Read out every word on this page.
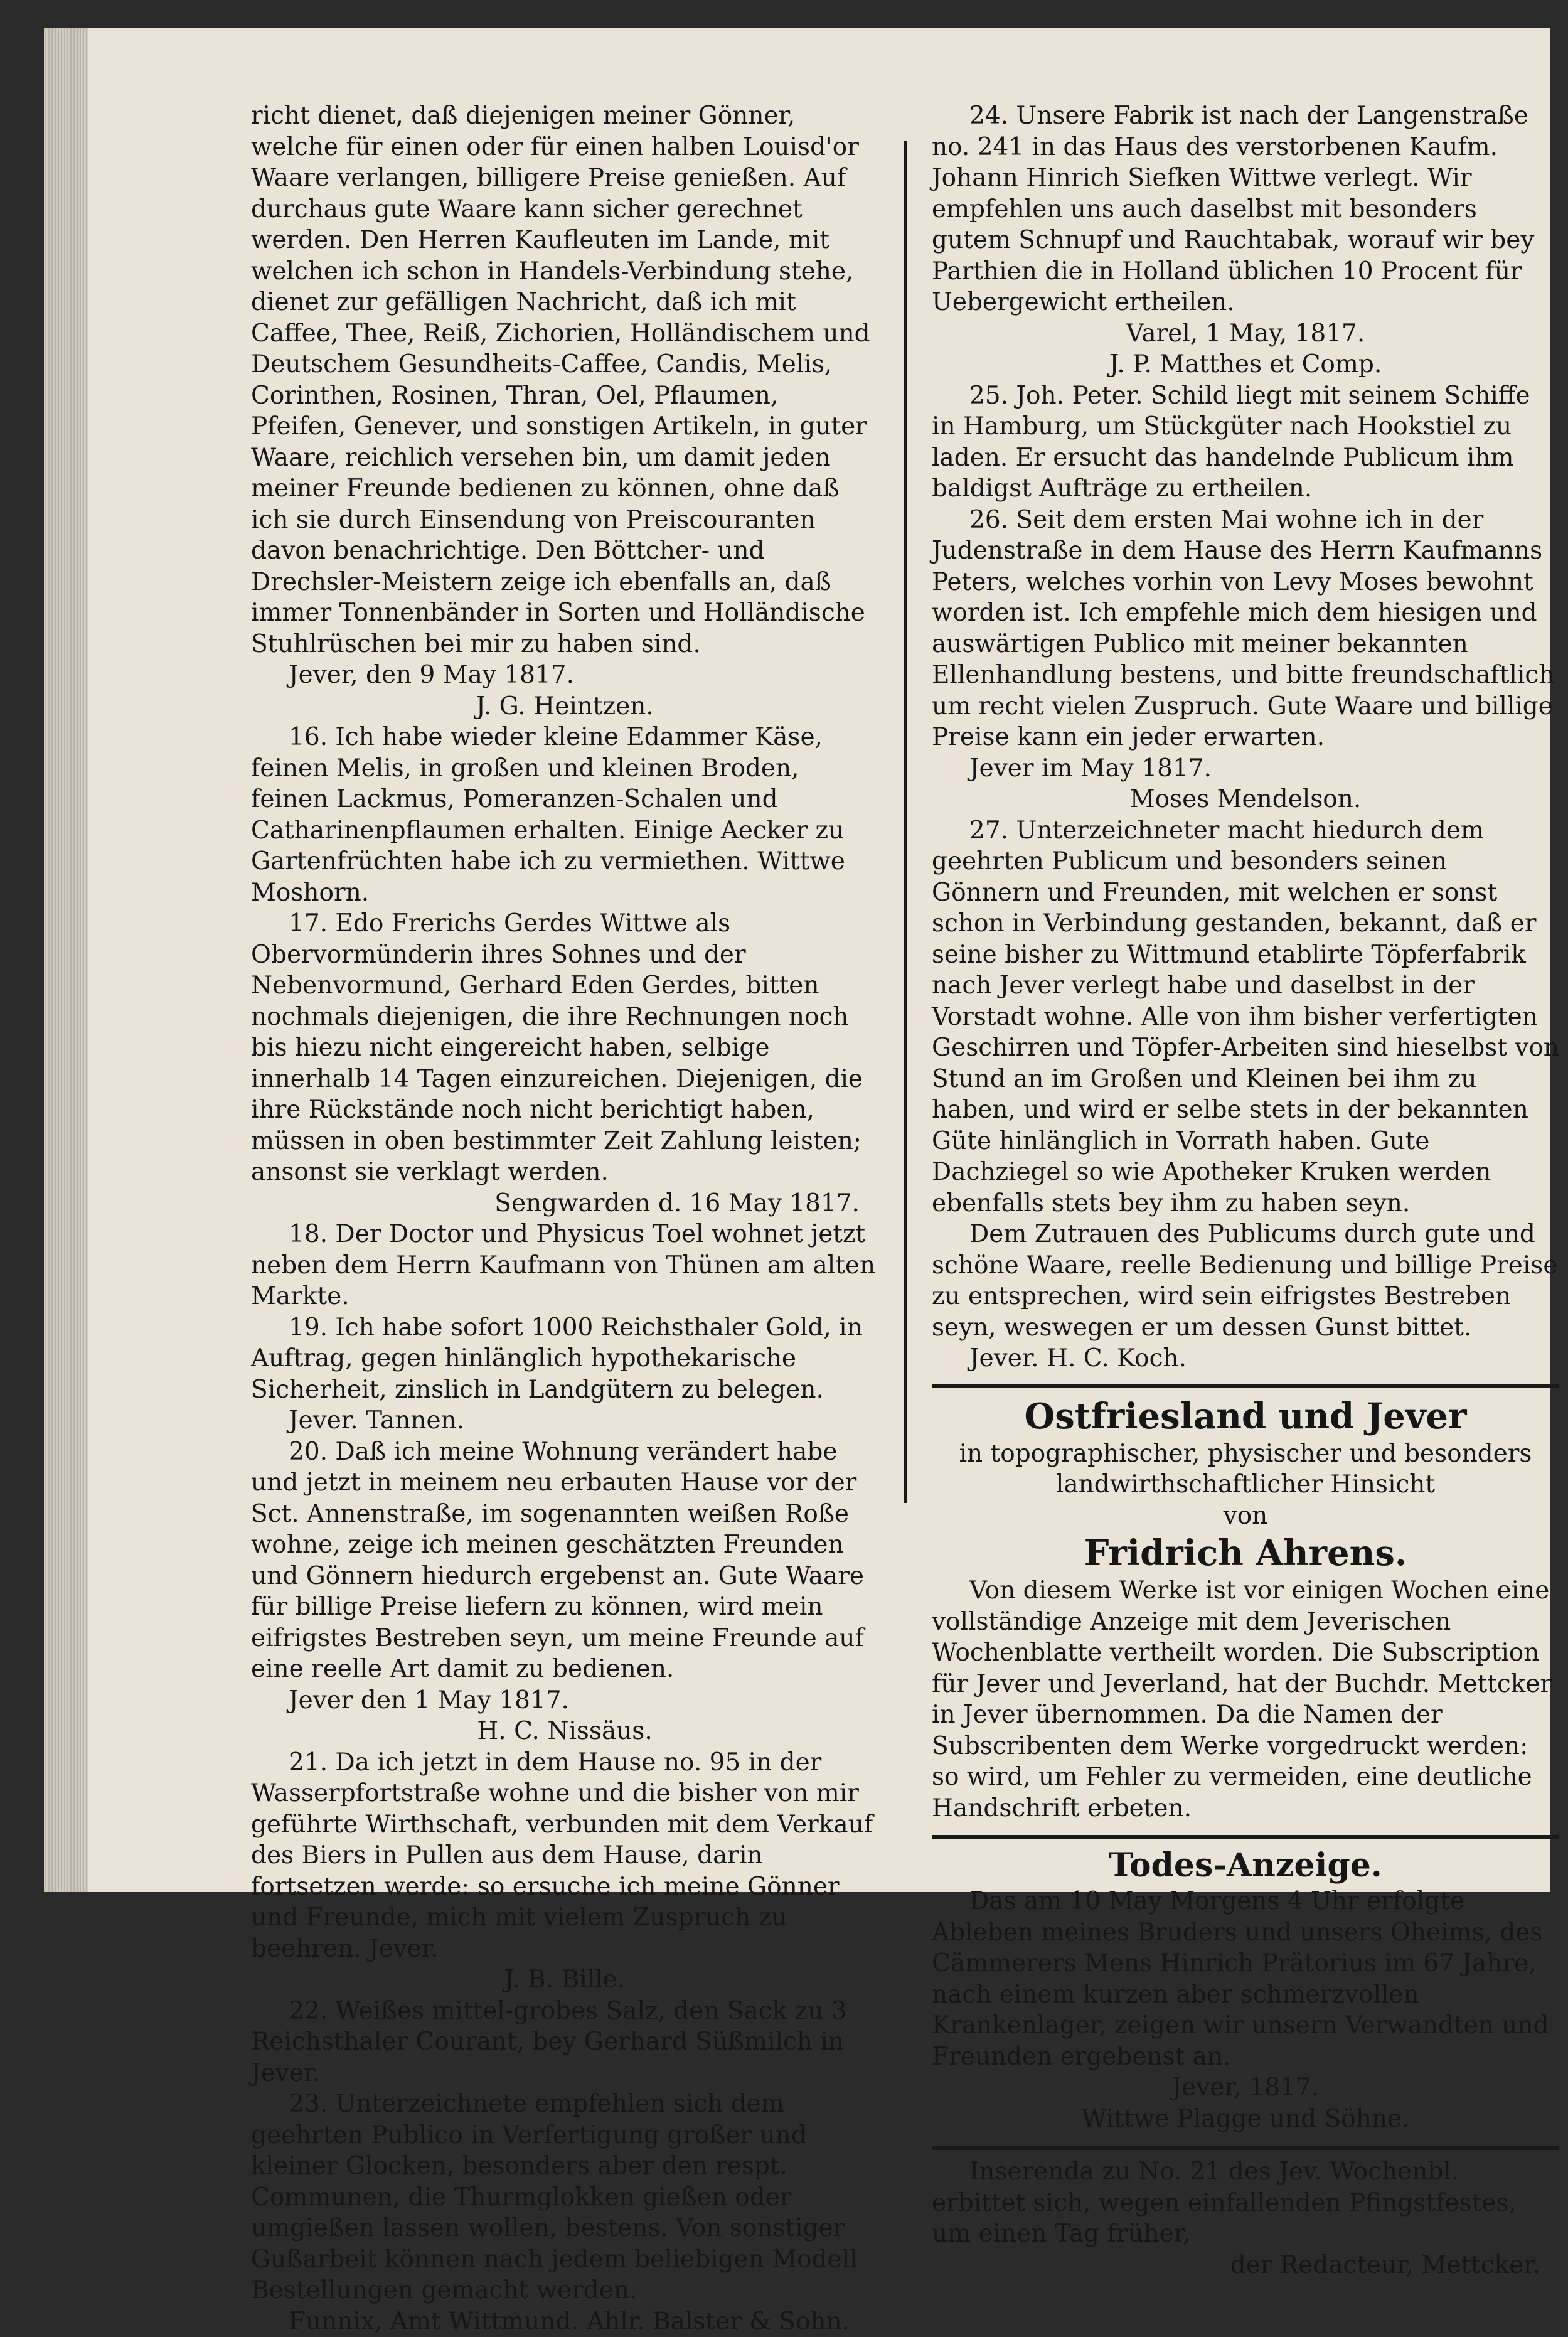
richt dienet, daß diejenigen meiner Gönner, welche für einen oder für einen halben Louisd'or Waare verlangen, billigere Preise genießen. Auf durchaus gute Waare kann sicher gerechnet werden. Den Herren Kaufleuten im Lande, mit welchen ich schon in Handels-Verbindung stehe, dienet zur gefälligen Nachricht, daß ich mit Caffee, Thee, Reiß, Zichorien, Holländischem und Deutschem Gesundheits-Caffee, Candis, Melis, Corinthen, Rosinen, Thran, Oel, Pflaumen, Pfeifen, Genever, und sonstigen Artikeln, in guter Waare, reichlich versehen bin, um damit jeden meiner Freunde bedienen zu können, ohne daß ich sie durch Einsendung von Preiscouranten davon benachrichtige. Den Böttcher- und Drechsler-Meistern zeige ich ebenfalls an, daß immer Tonnenbänder in Sorten und Holländische Stuhlrüschen bei mir zu haben sind.
Jever, den 9 May 1817.
J. G. Heintzen.
16. Ich habe wieder kleine Edammer Käse, feinen Melis, in großen und kleinen Broden, feinen Lackmus, Pomeranzen-Schalen und Catharinenpflaumen erhalten. Einige Aecker zu Gartenfrüchten habe ich zu vermiethen. Wittwe Moshorn.
17. Edo Frerichs Gerdes Wittwe als Obervormünderin ihres Sohnes und der Nebenvormund, Gerhard Eden Gerdes, bitten nochmals diejenigen, die ihre Rechnungen noch bis hiezu nicht eingereicht haben, selbige innerhalb 14 Tagen einzureichen. Diejenigen, die ihre Rückstände noch nicht berichtigt haben, müssen in oben bestimmter Zeit Zahlung leisten; ansonst sie verklagt werden.
Sengwarden d. 16 May 1817.
18. Der Doctor und Physicus Toel wohnet jetzt neben dem Herrn Kaufmann von Thünen am alten Markte.
19. Ich habe sofort 1000 Reichsthaler Gold, in Auftrag, gegen hinlänglich hypothekarische Sicherheit, zinslich in Landgütern zu belegen.
Jever. Tannen.
20. Daß ich meine Wohnung verändert habe und jetzt in meinem neu erbauten Hause vor der Sct. Annenstraße, im sogenannten weißen Roße wohne, zeige ich meinen geschätzten Freunden und Gönnern hiedurch ergebenst an. Gute Waare für billige Preise liefern zu können, wird mein eifrigstes Bestreben seyn, um meine Freunde auf eine reelle Art damit zu bedienen.
Jever den 1 May 1817.
H. C. Nissäus.
21. Da ich jetzt in dem Hause no. 95 in der Wasserpfortstraße wohne und die bisher von mir geführte Wirthschaft, verbunden mit dem Verkauf des Biers in Pullen aus dem Hause, darin fortsetzen werde: so ersuche ich meine Gönner und Freunde, mich mit vielem Zuspruch zu beehren. Jever.
J. B. Bille.
22. Weißes mittel-grobes Salz, den Sack zu 3 Reichsthaler Courant, bey Gerhard Süßmilch in Jever.
23. Unterzeichnete empfehlen sich dem geehrten Publico in Verfertigung großer und kleiner Glocken, besonders aber den respt. Communen, die Thurmglokken gießen oder umgießen lassen wollen, bestens. Von sonstiger Gußarbeit können nach jedem beliebigen Modell Bestellungen gemacht werden.
Funnix, Amt Wittmund. Ahlr. Balster & Sohn.
24. Unsere Fabrik ist nach der Langenstraße no. 241 in das Haus des verstorbenen Kaufm. Johann Hinrich Siefken Wittwe verlegt. Wir empfehlen uns auch daselbst mit besonders gutem Schnupf und Rauchtabak, worauf wir bey Parthien die in Holland üblichen 10 Procent für Uebergewicht ertheilen.
Varel, 1 May, 1817.
J. P. Matthes et Comp.
25. Joh. Peter. Schild liegt mit seinem Schiffe in Hamburg, um Stückgüter nach Hookstiel zu laden. Er ersucht das handelnde Publicum ihm baldigst Aufträge zu ertheilen.
26. Seit dem ersten Mai wohne ich in der Judenstraße in dem Hause des Herrn Kaufmanns Peters, welches vorhin von Levy Moses bewohnt worden ist. Ich empfehle mich dem hiesigen und auswärtigen Publico mit meiner bekannten Ellenhandlung bestens, und bitte freundschaftlich um recht vielen Zuspruch. Gute Waare und billige Preise kann ein jeder erwarten.
Jever im May 1817.
Moses Mendelson.
27. Unterzeichneter macht hiedurch dem geehrten Publicum und besonders seinen Gönnern und Freunden, mit welchen er sonst schon in Verbindung gestanden, bekannt, daß er seine bisher zu Wittmund etablirte Töpferfabrik nach Jever verlegt habe und daselbst in der Vorstadt wohne. Alle von ihm bisher verfertigten Geschirren und Töpfer-Arbeiten sind hieselbst von Stund an im Großen und Kleinen bei ihm zu haben, und wird er selbe stets in der bekannten Güte hinlänglich in Vorrath haben. Gute Dachziegel so wie Apotheker Kruken werden ebenfalls stets bey ihm zu haben seyn.
Dem Zutrauen des Publicums durch gute und schöne Waare, reelle Bedienung und billige Preise zu entsprechen, wird sein eifrigstes Bestreben seyn, weswegen er um dessen Gunst bittet.
Jever. H. C. Koch.
Ostfriesland und Jever
in topographischer, physischer und besonders landwirthschaftlicher Hinsicht
von
Fridrich Ahrens.
Von diesem Werke ist vor einigen Wochen eine vollständige Anzeige mit dem Jeverischen Wochenblatte vertheilt worden. Die Subscription für Jever und Jeverland, hat der Buchdr. Mettcker in Jever übernommen. Da die Namen der Subscribenten dem Werke vorgedruckt werden: so wird, um Fehler zu vermeiden, eine deutliche Handschrift erbeten.
Todes-Anzeige.
Das am 10 May Morgens 4 Uhr erfolgte Ableben meines Bruders und unsers Oheims, des Cämmerers Mens Hinrich Prätorius im 67 Jahre, nach einem kurzen aber schmerzvollen Krankenlager, zeigen wir unsern Verwandten und Freunden ergebenst an.
Jever, 1817.
Wittwe Plagge und Söhne.
Inserenda zu No. 21 des Jev. Wochenbl. erbittet sich, wegen einfallenden Pfingstfestes, um einen Tag früher,
der Redacteur, Mettcker.
